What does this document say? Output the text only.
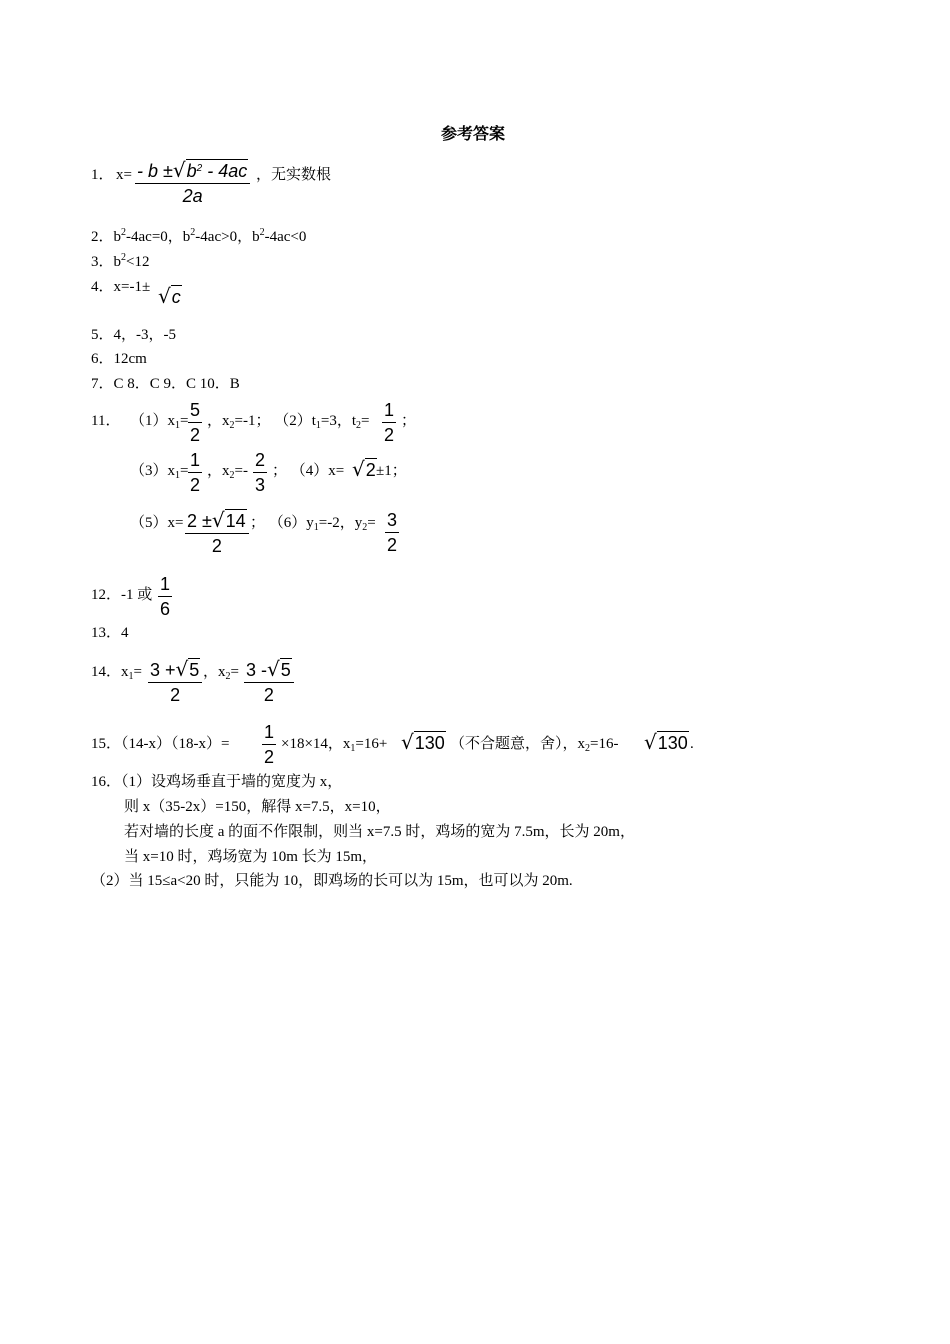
参考答案
1． $x= - b \pm√b^2 - 4ac$
2a
，无实数根
2．$b^2-4ac=0$，$b^2-4ac>0$，$b^2-4ac<0$
3．$b^2<12$
4．x=-1± √c
5．4，-3，-5
6．12cm
7．C 8．C 9．C 10．B
11． $(1)x_1=$
5
2
，$x_2=-1$； $(2)t_1=3$，$t_2=$
1
2
；
$(3)x_1=$
1
2
，$x_2=-$
2
3
； （4）x= √2 ±1；
（5）x= 2 ±√14
2
； $(6)y_1=-2$，$y_2= 3$
2
12．-1 或
1
6
13．4
14．$x_1= 3 +√5$
2
，$x_2= 3$ -√5
2
15．（14-x）（18-x）=
1
2
×18×14，$x_1=16+ √130$ （不合题意，舍），$x_2=16-$ √130 .
16．（1）设鸡场垂直于墙的宽度为 x，
则 x（35-2x）=150，解得 x=7.5，x=10，
若对墙的长度 a 的面不作限制，则当 x=7.5 时，鸡场的宽为 7.5m，长为 20m，
当 x=10 时，鸡场宽为 10m 长为 15m，
（2）当 15≤a<20 时，只能为 10，即鸡场的长可以为 15m，也可以为 20m.
